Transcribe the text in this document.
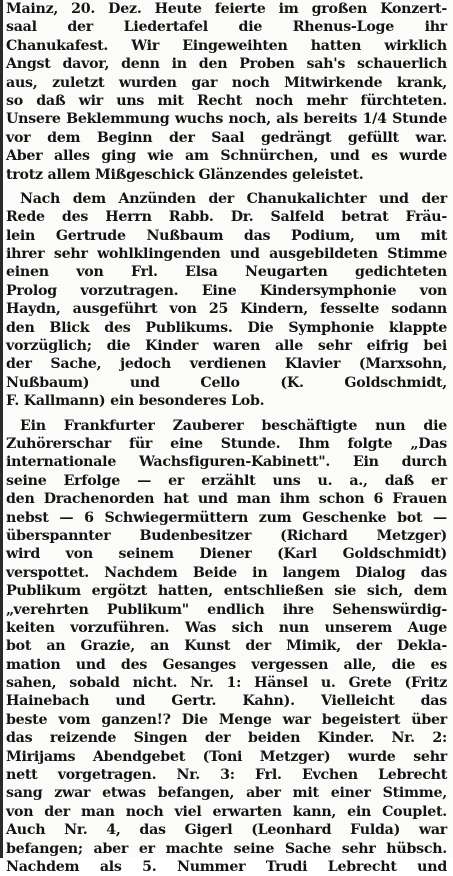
Mainz, 20. Dez. Heute feierte im großen Konzert-
saal der Liedertafel die Rhenus-Loge ihr
Chanukafest. Wir Eingeweihten hatten wirklich
Angst davor, denn in den Proben sah's schauerlich
aus, zuletzt wurden gar noch Mitwirkende krank,
so daß wir uns mit Recht noch mehr fürchteten.
Unsere Beklemmung wuchs noch, als bereits 1/4 Stunde
vor dem Beginn der Saal gedrängt gefüllt war.
Aber alles ging wie am Schnürchen, und es wurde
trotz allem Mißgeschick Glänzendes geleistet.
Nach dem Anzünden der Chanukalichter und der
Rede des Herrn Rabb. Dr. Salfeld betrat Fräu-
lein Gertrude Nußbaum das Podium, um mit
ihrer sehr wohlklingenden und ausgebildeten Stimme
einen von Frl. Elsa Neugarten gedichteten
Prolog vorzutragen. Eine Kindersymphonie von
Haydn, ausgeführt von 25 Kindern, fesselte sodann
den Blick des Publikums. Die Symphonie klappte
vorzüglich; die Kinder waren alle sehr eifrig bei
der Sache, jedoch verdienen Klavier (Marxsohn,
Nußbaum) und Cello (K. Goldschmidt,
F. Kallmann) ein besonderes Lob.
Ein Frankfurter Zauberer beschäftigte nun die
Zuhörerschar für eine Stunde. Ihm folgte „Das
internationale Wachsfiguren-Kabinett". Ein durch
seine Erfolge — er erzählt uns u. a., daß er
den Drachenorden hat und man ihm schon 6 Frauen
nebst — 6 Schwiegermüttern zum Geschenke bot —
überspannter Budenbesitzer (Richard Metzger)
wird von seinem Diener (Karl Goldschmidt)
verspottet. Nachdem Beide in langem Dialog das
Publikum ergötzt hatten, entschließen sie sich, dem
„verehrten Publikum" endlich ihre Sehenswürdig-
keiten vorzuführen. Was sich nun unserem Auge
bot an Grazie, an Kunst der Mimik, der Dekla-
mation und des Gesanges vergessen alle, die es
sahen, sobald nicht. Nr. 1: Hänsel u. Grete (Fritz
Hainebach und Gertr. Kahn). Vielleicht das
beste vom ganzen!? Die Menge war begeistert über
das reizende Singen der beiden Kinder. Nr. 2:
Mirijams Abendgebet (Toni Metzger) wurde sehr
nett vorgetragen. Nr. 3: Frl. Evchen Lebrecht
sang zwar etwas befangen, aber mit einer Stimme,
von der man noch viel erwarten kann, ein Couplet.
Auch Nr. 4, das Gigerl (Leonhard Fulda) war
befangen; aber er machte seine Sache sehr hübsch.
Nachdem als 5. Nummer Trudi Lebrecht und
